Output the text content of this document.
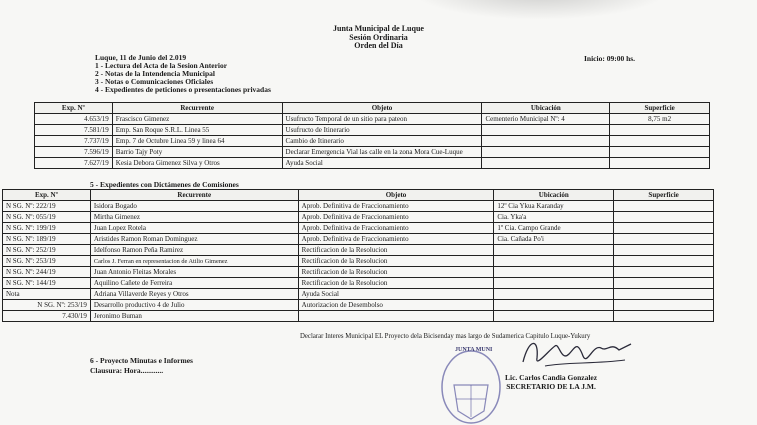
Junta Municipal de Luque
Sesión Ordinaria
Orden del Día
Luque, 11 de Junio del 2.019
1 - Lectura del Acta de la Sesion Anterior
2 - Notas de la Intendencia Municipal
3 - Notas o Comunicaciones Oficiales
4 - Expedientes de peticiones o presentaciones privadas
Inicio: 09:00 hs.
Exp. Nº	Recurrente	Objeto	Ubicación	Superficie
4.653/19	Frascisco Gimenez	Usufructo Temporal de un sitio para pateon	Cementerio Municipal Nº: 4	8,75 m2
7.581/19	Emp. San Roque S.R.L. Linea 55	Usufructo de Itinerario		
7.737/19	Emp. 7 de Octubre Linea 59 y linea 64	Cambio de Itinerario		
7.596/19	Barrio Tajy Poty	Declarar Emergencia Vial las calle en la zona Mora Cue-Luque		
7.627/19	Kesia Debora Gimenez Silva y Otros	Ayuda Social		
5 - Expedientes con Dictámenes de Comisiones
Exp. Nº	Recurrente	Objeto	Ubicación	Superficie
N SG. Nº: 222/19	Isidora Bogado	Aprob. Definitiva de Fraccionamiento	12º Cia Ykua Karanday	
N SG. Nº: 055/19	Mirtha Gimenez	Aprob. Definitiva de Fraccionamiento	Cia. Yka'a	
N SG. Nº: 199/19	Juan Lopez Rotela	Aprob. Definitiva de Fraccionamiento	1º Cia. Campo Grande	
N SG. Nº: 189/19	Aristides Ramon Roman Dominguez	Aprob. Definitiva de Fraccionamiento	Cia. Cañada Po'i	
N SG. Nº: 252/19	Idelfonso Ramon Peña Ramirez	Rectificacion de la Resolucion		
N SG. Nº: 253/19	Carlos J. Ferran en representacion de Atilio Gimenez	Rectificacion de la Resolucion		
N SG. Nº: 244/19	Juan Antonio Fleitas Morales	Rectificacion de la Resolucion		
N SG. Nº: 144/19	Aquilino Cañete de Ferreira	Rectificacion de la Resolucion		
Nota	Adriana Villaverde Reyes y Otros	Ayuda Social		
N SG. Nº: 253/19	Desarrollo productivo 4 de Julio	Autorizacion de Desembolso		
7.430/19	Jeronimo Buman			
Declarar Interes Municipal EL Proyecto dela Bicisenday mas largo de Sudamerica Capitulo Luque-Yukury
6 - Proyecto Minutas e Informes
Clausura: Hora............
JUNTA MUNI
Lic. Carlos Candia Gonzalez
SECRETARIO DE LA J.M.
